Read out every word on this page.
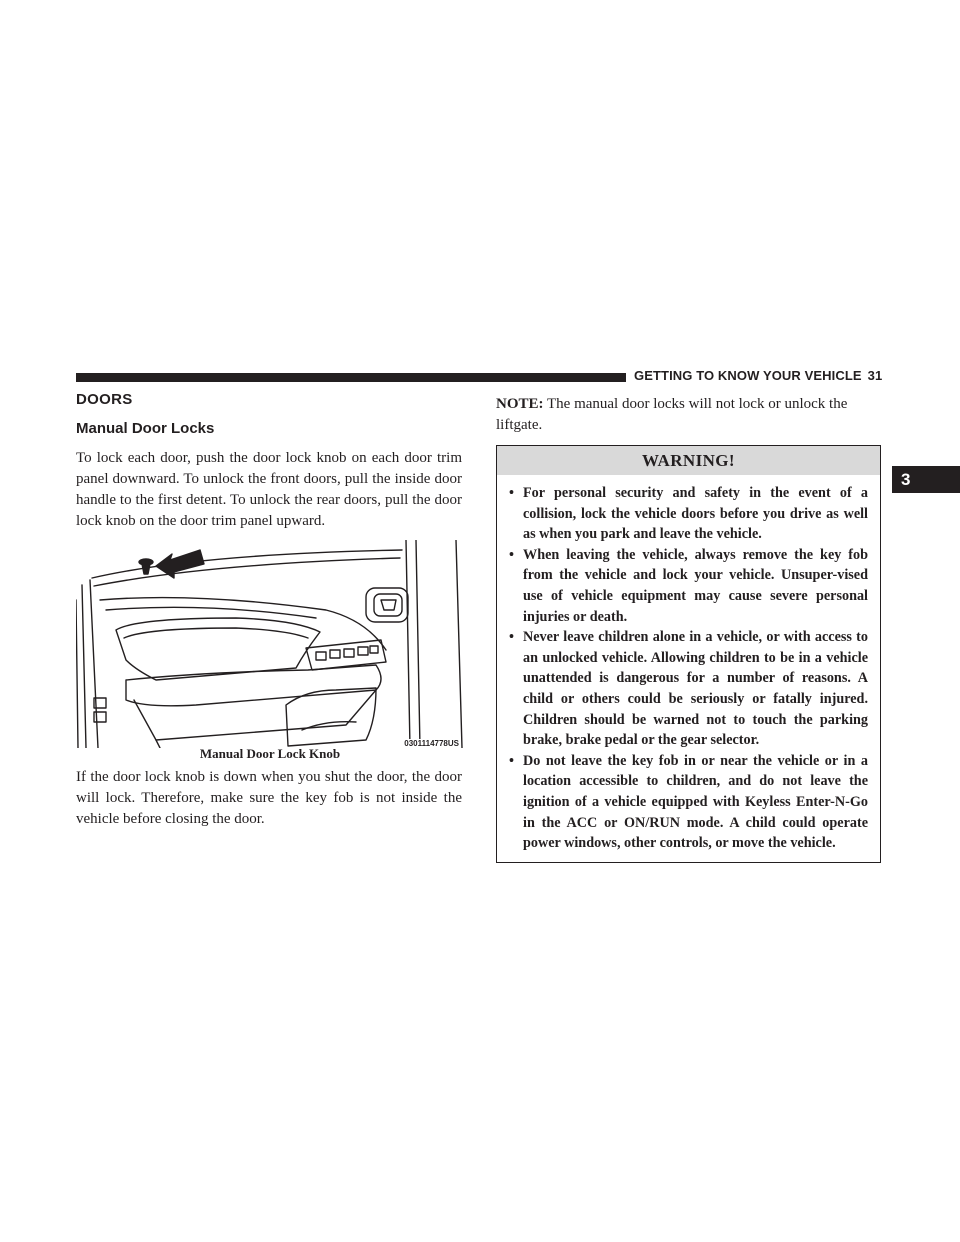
GETTING TO KNOW YOUR VEHICLE 31
3
DOORS
Manual Door Locks

To lock each door, push the door lock knob on each door trim panel downward. To unlock the front doors, pull the inside door handle to the first detent. To unlock the rear doors, pull the door lock knob on the door trim panel upward.

0301114778US
Manual Door Lock Knob

If the door lock knob is down when you shut the door, the door will lock. Therefore, make sure the key fob is not inside the vehicle before closing the door.

NOTE: The manual door locks will not lock or unlock the liftgate.

WARNING!
• For personal security and safety in the event of a collision, lock the vehicle doors before you drive as well as when you park and leave the vehicle.
• When leaving the vehicle, always remove the key fob from the vehicle and lock your vehicle. Unsuper-vised use of vehicle equipment may cause severe personal injuries or death.
• Never leave children alone in a vehicle, or with access to an unlocked vehicle. Allowing children to be in a vehicle unattended is dangerous for a number of reasons. A child or others could be seriously or fatally injured. Children should be warned not to touch the parking brake, brake pedal or the gear selector.
• Do not leave the key fob in or near the vehicle or in a location accessible to children, and do not leave the ignition of a vehicle equipped with Keyless Enter-N-Go in the ACC or ON/RUN mode. A child could operate power windows, other controls, or move the vehicle.
